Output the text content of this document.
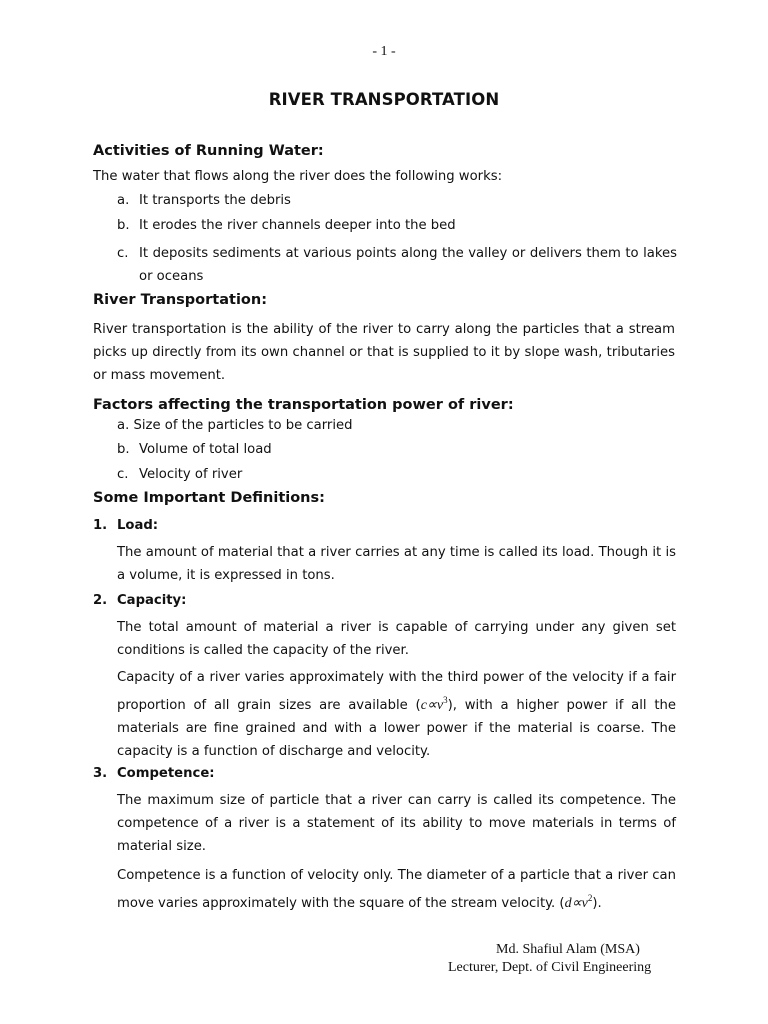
- 1 -
RIVER TRANSPORTATION
Activities of Running Water:
The water that flows along the river does the following works:
a. It transports the debris
b. It erodes the river channels deeper into the bed
c. It deposits sediments at various points along the valley or delivers them to lakes or oceans
River Transportation:
River transportation is the ability of the river to carry along the particles that a stream picks up directly from its own channel or that is supplied to it by slope wash, tributaries or mass movement.
Factors affecting the transportation power of river:
a. Size of the particles to be carried
b. Volume of total load
c. Velocity of river
Some Important Definitions:
1. Load:
The amount of material that a river carries at any time is called its load. Though it is a volume, it is expressed in tons.
2. Capacity:
The total amount of material a river is capable of carrying under any given set conditions is called the capacity of the river.
Capacity of a river varies approximately with the third power of the velocity if a fair proportion of all grain sizes are available $(c\propto v^3)$, with a higher power if all the materials are fine grained and with a lower power if the material is coarse. The capacity is a function of discharge and velocity.
3. Competence:
The maximum size of particle that a river can carry is called its competence. The competence of a river is a statement of its ability to move materials in terms of material size.
Competence is a function of velocity only. The diameter of a particle that a river can move varies approximately with the square of the stream velocity. $(d\propto v^2)$.
Md. Shafiul Alam (MSA)
Lecturer, Dept. of Civil Engineering
